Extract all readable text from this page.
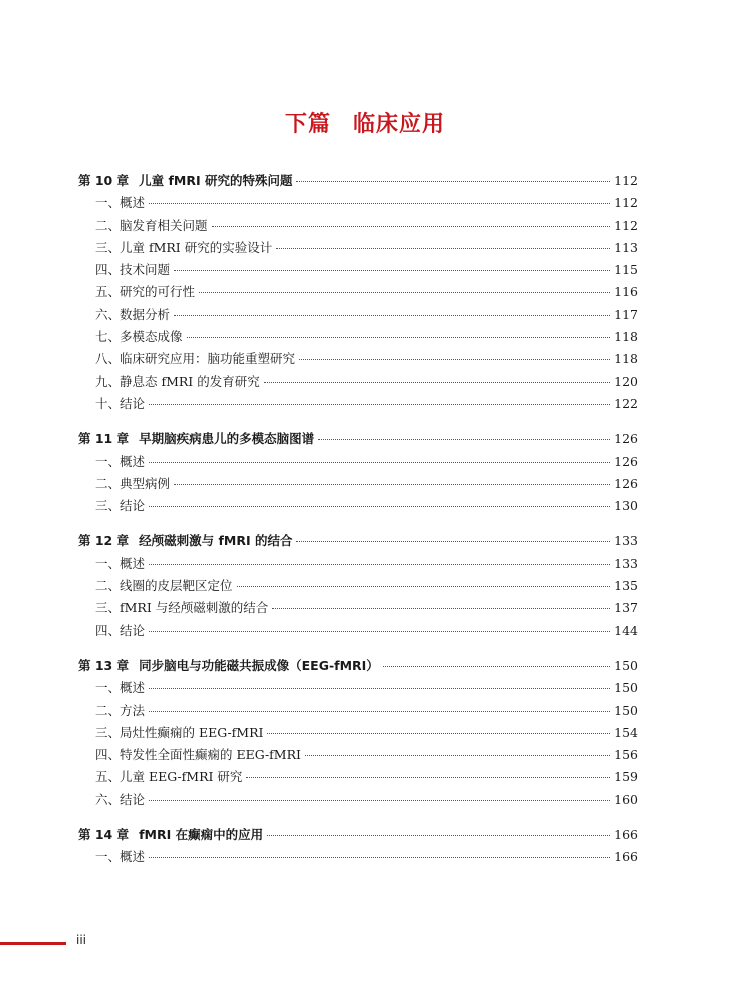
下篇 临床应用
第 10 章 儿童 fMRI 研究的特殊问题	112
一、概述	112
二、脑发育相关问题	112
三、儿童 fMRI 研究的实验设计	113
四、技术问题	115
五、研究的可行性	116
六、数据分析	117
七、多模态成像	118
八、临床研究应用：脑功能重塑研究	118
九、静息态 fMRI 的发育研究	120
十、结论	122
第 11 章 早期脑疾病患儿的多模态脑图谱	126
一、概述	126
二、典型病例	126
三、结论	130
第 12 章 经颅磁刺激与 fMRI 的结合	133
一、概述	133
二、线圈的皮层靶区定位	135
三、fMRI 与经颅磁刺激的结合	137
四、结论	144
第 13 章 同步脑电与功能磁共振成像（EEG-fMRI）	150
一、概述	150
二、方法	150
三、局灶性癫痫的 EEG-fMRI	154
四、特发性全面性癫痫的 EEG-fMRI	156
五、儿童 EEG-fMRI 研究	159
六、结论	160
第 14 章 fMRI 在癫痫中的应用	166
一、概述	166
iii
